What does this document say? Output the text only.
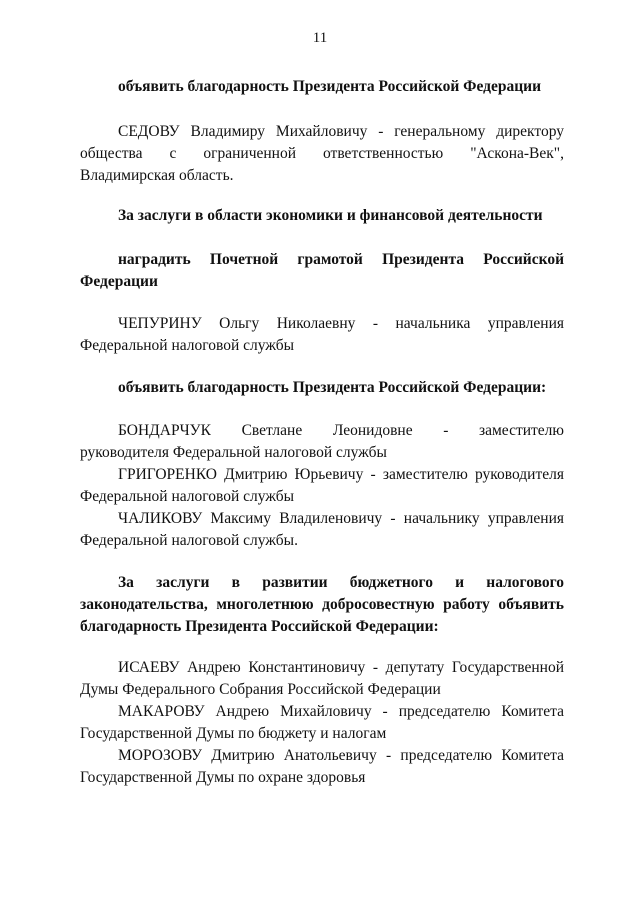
11
объявить благодарность Президента Российской Федерации
СЕДОВУ Владимиру Михайловичу - генеральному директору
общества с ограниченной ответственностью "Аскона-Век",
Владимирская область.
За заслуги в области экономики и финансовой деятельности
наградить Почетной грамотой Президента Российской
Федерации
ЧЕПУРИНУ Ольгу Николаевну - начальника управления
Федеральной налоговой службы
объявить благодарность Президента Российской Федерации:
БОНДАРЧУК Светлане Леонидовне - заместителю
руководителя Федеральной налоговой службы
ГРИГОРЕНКО Дмитрию Юрьевичу - заместителю руководителя
Федеральной налоговой службы
ЧАЛИКОВУ Максиму Владиленовичу - начальнику управления
Федеральной налоговой службы.
За заслуги в развитии бюджетного и налогового
законодательства, многолетнюю добросовестную работу объявить
благодарность Президента Российской Федерации:
ИСАЕВУ Андрею Константиновичу - депутату Государственной
Думы Федерального Собрания Российской Федерации
МАКАРОВУ Андрею Михайловичу - председателю Комитета
Государственной Думы по бюджету и налогам
МОРОЗОВУ Дмитрию Анатольевичу - председателю Комитета
Государственной Думы по охране здоровья
